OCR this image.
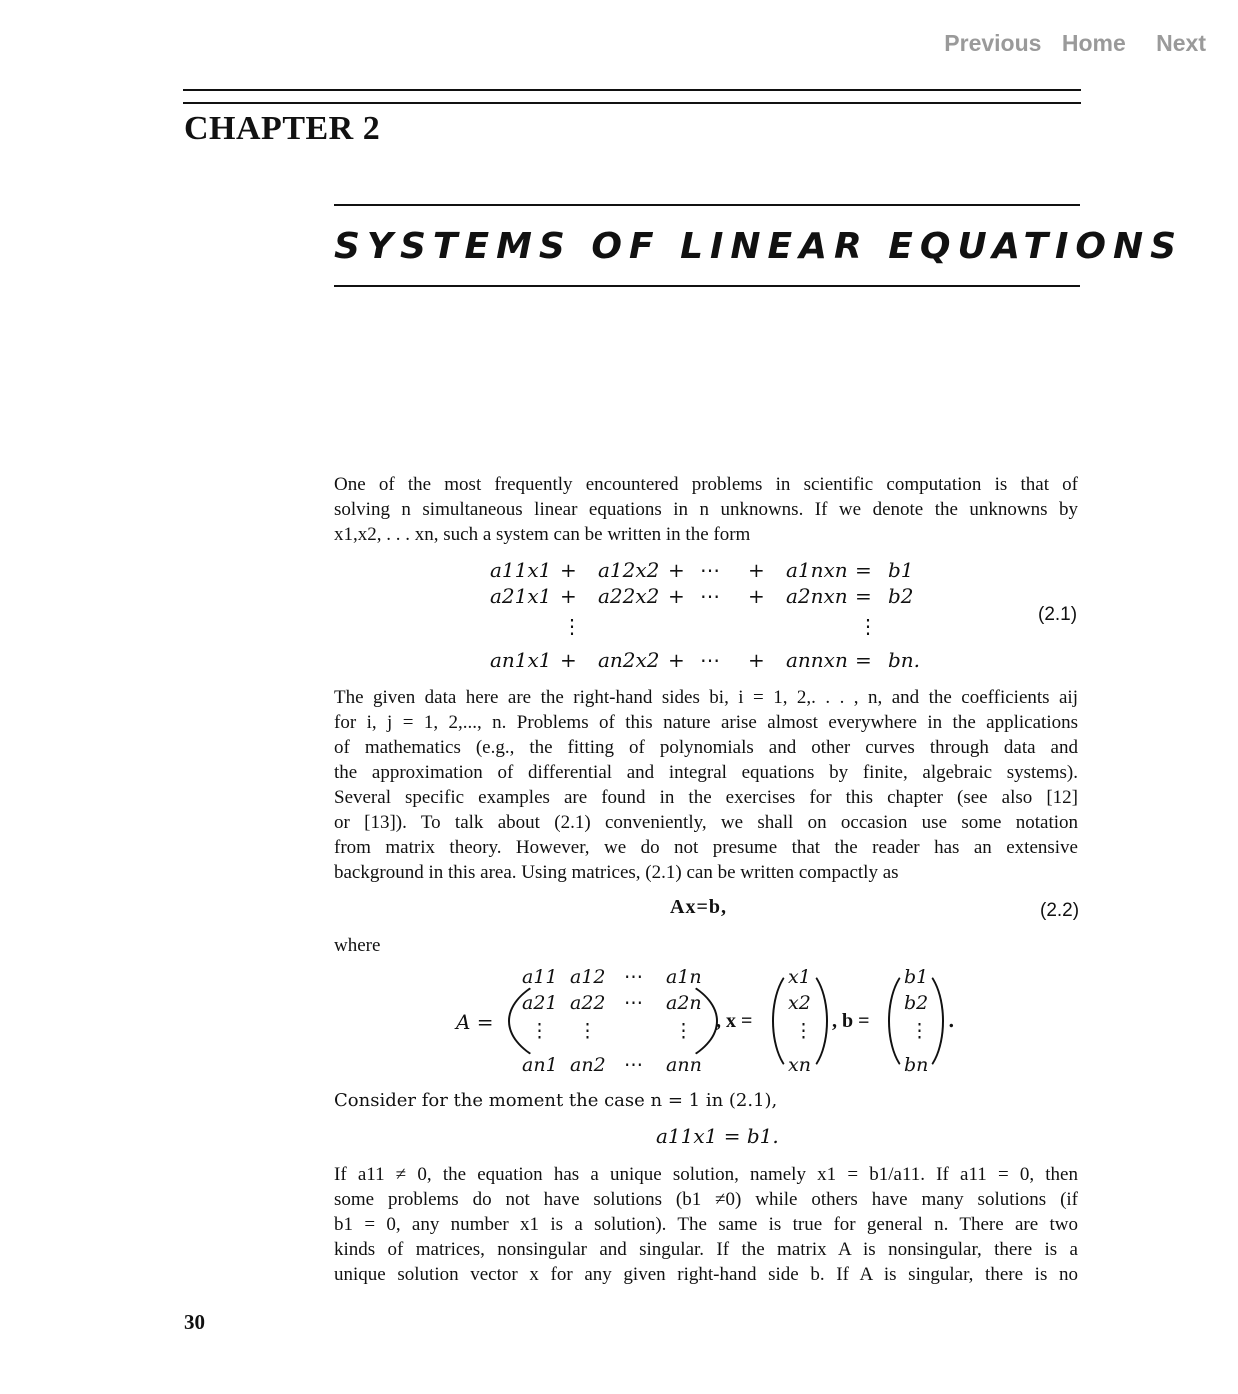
Previous Home Next
CHAPTER 2
SYSTEMS OF LINEAR EQUATIONS
One of the most frequently encountered problems in scientific computation is that of
solving n simultaneous linear equations in n unknowns. If we denote the unknowns by
x1,x2, . . . xn, such a system can be written in the form
a11x1 + a12x2 + ⋯ + a1nxn = b1
a21x1 + a22x2 + ⋯ + a2nxn = b2
⋮	⋮
an1x1 + an2x2 + ⋯ + annxn = bn.
(2.1)
The given data here are the right-hand sides bi, i = 1, 2,. . . , n, and the coefficients aij
for i, j = 1, 2,..., n. Problems of this nature arise almost everywhere in the applications
of mathematics (e.g., the fitting of polynomials and other curves through data and
the approximation of differential and integral equations by finite, algebraic systems).
Several specific examples are found in the exercises for this chapter (see also [12]
or [13]). To talk about (2.1) conveniently, we shall on occasion use some notation
from matrix theory. However, we do not presume that the reader has an extensive
background in this area. Using matrices, (2.1) can be written compactly as
Ax=b,	(2.2)
where
A =
a11 a12 ⋯ a1n
a21 a22 ⋯ a2n
⋮ ⋮	⋮
an1 an2 ⋯ ann
, x =
x1
x2
⋮
xn
, b =
b1
b2
⋮
bn
.
Consider for the moment the case n = 1 in (2.1),
a11x1 = b1.
If a11 ≠ 0, the equation has a unique solution, namely x1 = b1/a11. If a11 = 0, then
some problems do not have solutions (b1 ≠0) while others have many solutions (if
b1 = 0, any number x1 is a solution). The same is true for general n. There are two
kinds of matrices, nonsingular and singular. If the matrix A is nonsingular, there is a
unique solution vector x for any given right-hand side b. If A is singular, there is no
30
